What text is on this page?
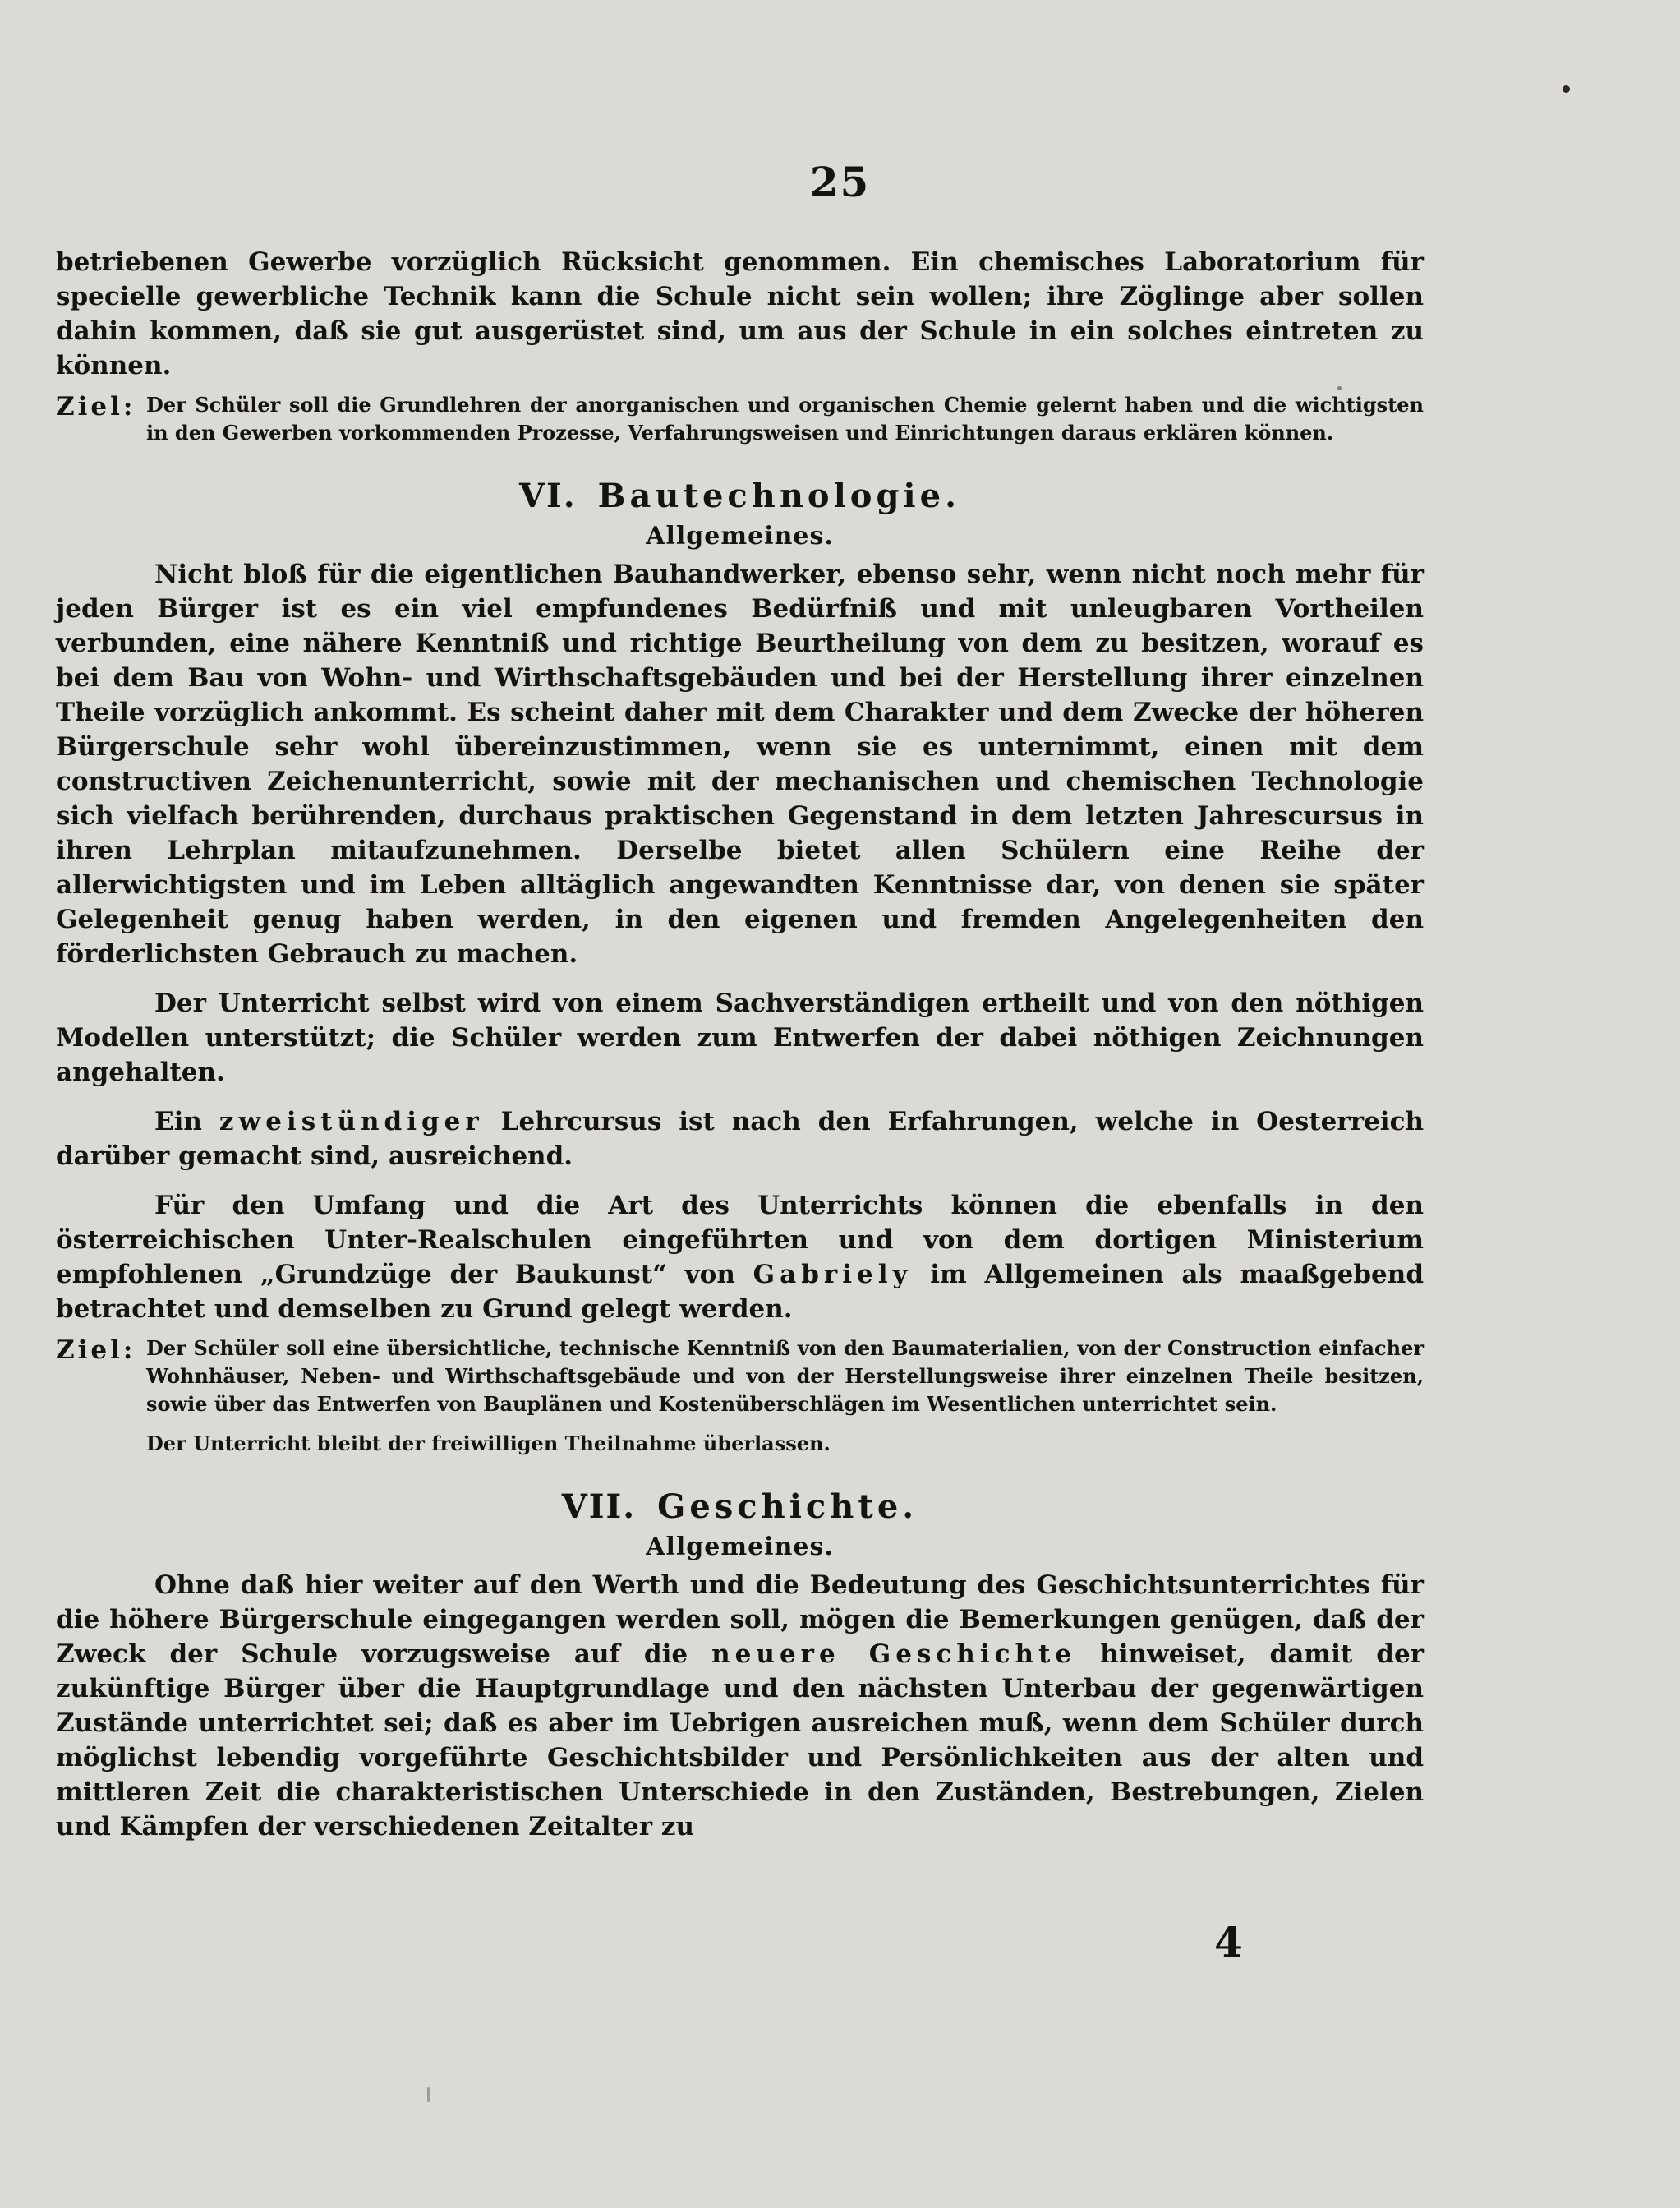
25

betriebenen Gewerbe vorzüglich Rücksicht genommen. Ein chemisches Laboratorium für specielle gewerbliche Technik kann die Schule nicht sein wollen; ihre Zöglinge aber sollen dahin kommen, daß sie gut ausgerüstet sind, um aus der Schule in ein solches eintreten zu können.

Ziel: Der Schüler soll die Grundlehren der anorganischen und organischen Chemie gelernt haben und die wichtigsten in den Gewerben vorkommenden Prozesse, Verfahrungsweisen und Einrichtungen daraus erklären können.
VI. Bautechnologie.
Allgemeines.

Nicht bloß für die eigentlichen Bauhandwerker, ebenso sehr, wenn nicht noch mehr für jeden Bürger ist es ein viel empfundenes Bedürfniß und mit unleugbaren Vortheilen verbunden, eine nähere Kenntniß und richtige Beurtheilung von dem zu besitzen, worauf es bei dem Bau von Wohn- und Wirthschaftsgebäuden und bei der Herstellung ihrer einzelnen Theile vorzüglich ankommt. Es scheint daher mit dem Charakter und dem Zwecke der höheren Bürgerschule sehr wohl übereinzustimmen, wenn sie es unternimmt, einen mit dem constructiven Zeichenunterricht, sowie mit der mechanischen und chemischen Technologie sich vielfach berührenden, durchaus praktischen Gegenstand in dem letzten Jahrescursus in ihren Lehrplan mitaufzunehmen. Derselbe bietet allen Schülern eine Reihe der allerwichtigsten und im Leben alltäglich angewandten Kenntnisse dar, von denen sie später Gelegenheit genug haben werden, in den eigenen und fremden Angelegenheiten den förderlichsten Gebrauch zu machen.

Der Unterricht selbst wird von einem Sachverständigen ertheilt und von den nöthigen Modellen unterstützt; die Schüler werden zum Entwerfen der dabei nöthigen Zeichnungen angehalten.

Ein zweistündiger Lehrcursus ist nach den Erfahrungen, welche in Oesterreich darüber gemacht sind, ausreichend.

Für den Umfang und die Art des Unterrichts können die ebenfalls in den österreichischen Unter-Realschulen eingeführten und von dem dortigen Ministerium empfohlenen „Grundzüge der Baukunst“ von Gabriely im Allgemeinen als maaßgebend betrachtet und demselben zu Grund gelegt werden.

Ziel: Der Schüler soll eine übersichtliche, technische Kenntniß von den Baumaterialien, von der Construction einfacher Wohnhäuser, Neben- und Wirthschaftsgebäude und von der Herstellungsweise ihrer einzelnen Theile besitzen, sowie über das Entwerfen von Bauplänen und Kostenüberschlägen im Wesentlichen unterrichtet sein.
Der Unterricht bleibt der freiwilligen Theilnahme überlassen.
VII. Geschichte.
Allgemeines.

Ohne daß hier weiter auf den Werth und die Bedeutung des Geschichtsunterrichtes für die höhere Bürgerschule eingegangen werden soll, mögen die Bemerkungen genügen, daß der Zweck der Schule vorzugsweise auf die neuere Geschichte hinweiset, damit der zukünftige Bürger über die Hauptgrundlage und den nächsten Unterbau der gegenwärtigen Zustände unterrichtet sei; daß es aber im Uebrigen ausreichen muß, wenn dem Schüler durch möglichst lebendig vorgeführte Geschichtsbilder und Persönlichkeiten aus der alten und mittleren Zeit die charakteristischen Unterschiede in den Zuständen, Bestrebungen, Zielen und Kämpfen der verschiedenen Zeitalter zu

4
